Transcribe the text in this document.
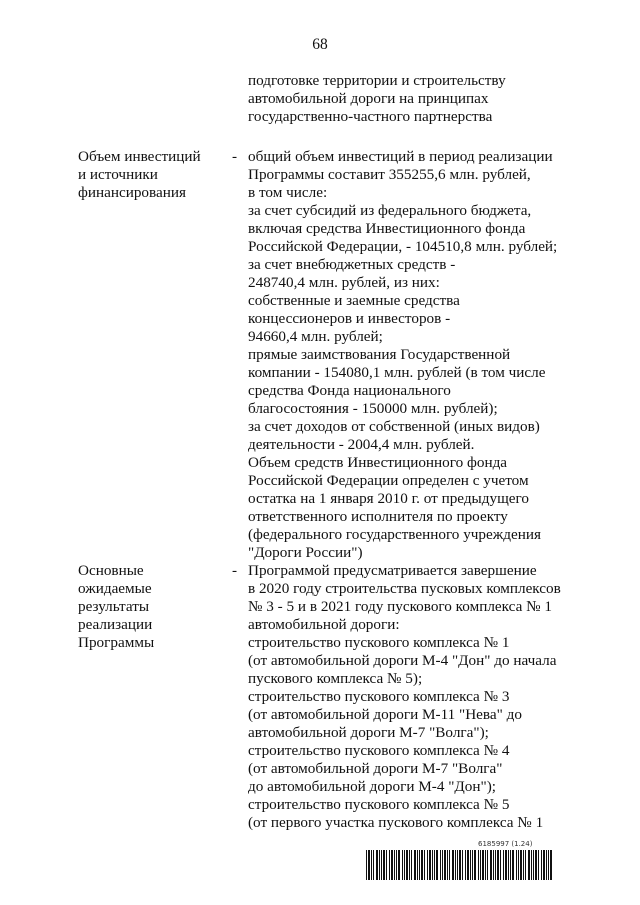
68
подготовке территории и строительству
автомобильной дороги на принципах
государственно-частного партнерства
Объем инвестиций
и источники
финансирования
- общий объем инвестиций в период реализации
Программы составит 355255,6 млн. рублей,
в том числе:
за счет субсидий из федерального бюджета,
включая средства Инвестиционного фонда
Российской Федерации, - 104510,8 млн. рублей;
за счет внебюджетных средств -
248740,4 млн. рублей, из них:
собственные и заемные средства
концессионеров и инвесторов -
94660,4 млн. рублей;
прямые заимствования Государственной
компании - 154080,1 млн. рублей (в том числе
средства Фонда национального
благосостояния - 150000 млн. рублей);
за счет доходов от собственной (иных видов)
деятельности - 2004,4 млн. рублей.
Объем средств Инвестиционного фонда
Российской Федерации определен с учетом
остатка на 1 января 2010 г. от предыдущего
ответственного исполнителя по проекту
(федерального государственного учреждения
"Дороги России")
Основные
ожидаемые
результаты
реализации
Программы
- Программой предусматривается завершение
в 2020 году строительства пусковых комплексов
№ 3 - 5 и в 2021 году пускового комплекса № 1
автомобильной дороги:
строительство пускового комплекса № 1
(от автомобильной дороги М-4 "Дон" до начала
пускового комплекса № 5);
строительство пускового комплекса № 3
(от автомобильной дороги М-11 "Нева" до
автомобильной дороги М-7 "Волга");
строительство пускового комплекса № 4
(от автомобильной дороги М-7 "Волга"
до автомобильной дороги М-4 "Дон");
строительство пускового комплекса № 5
(от первого участка пускового комплекса № 1
6185997 (1.24)
